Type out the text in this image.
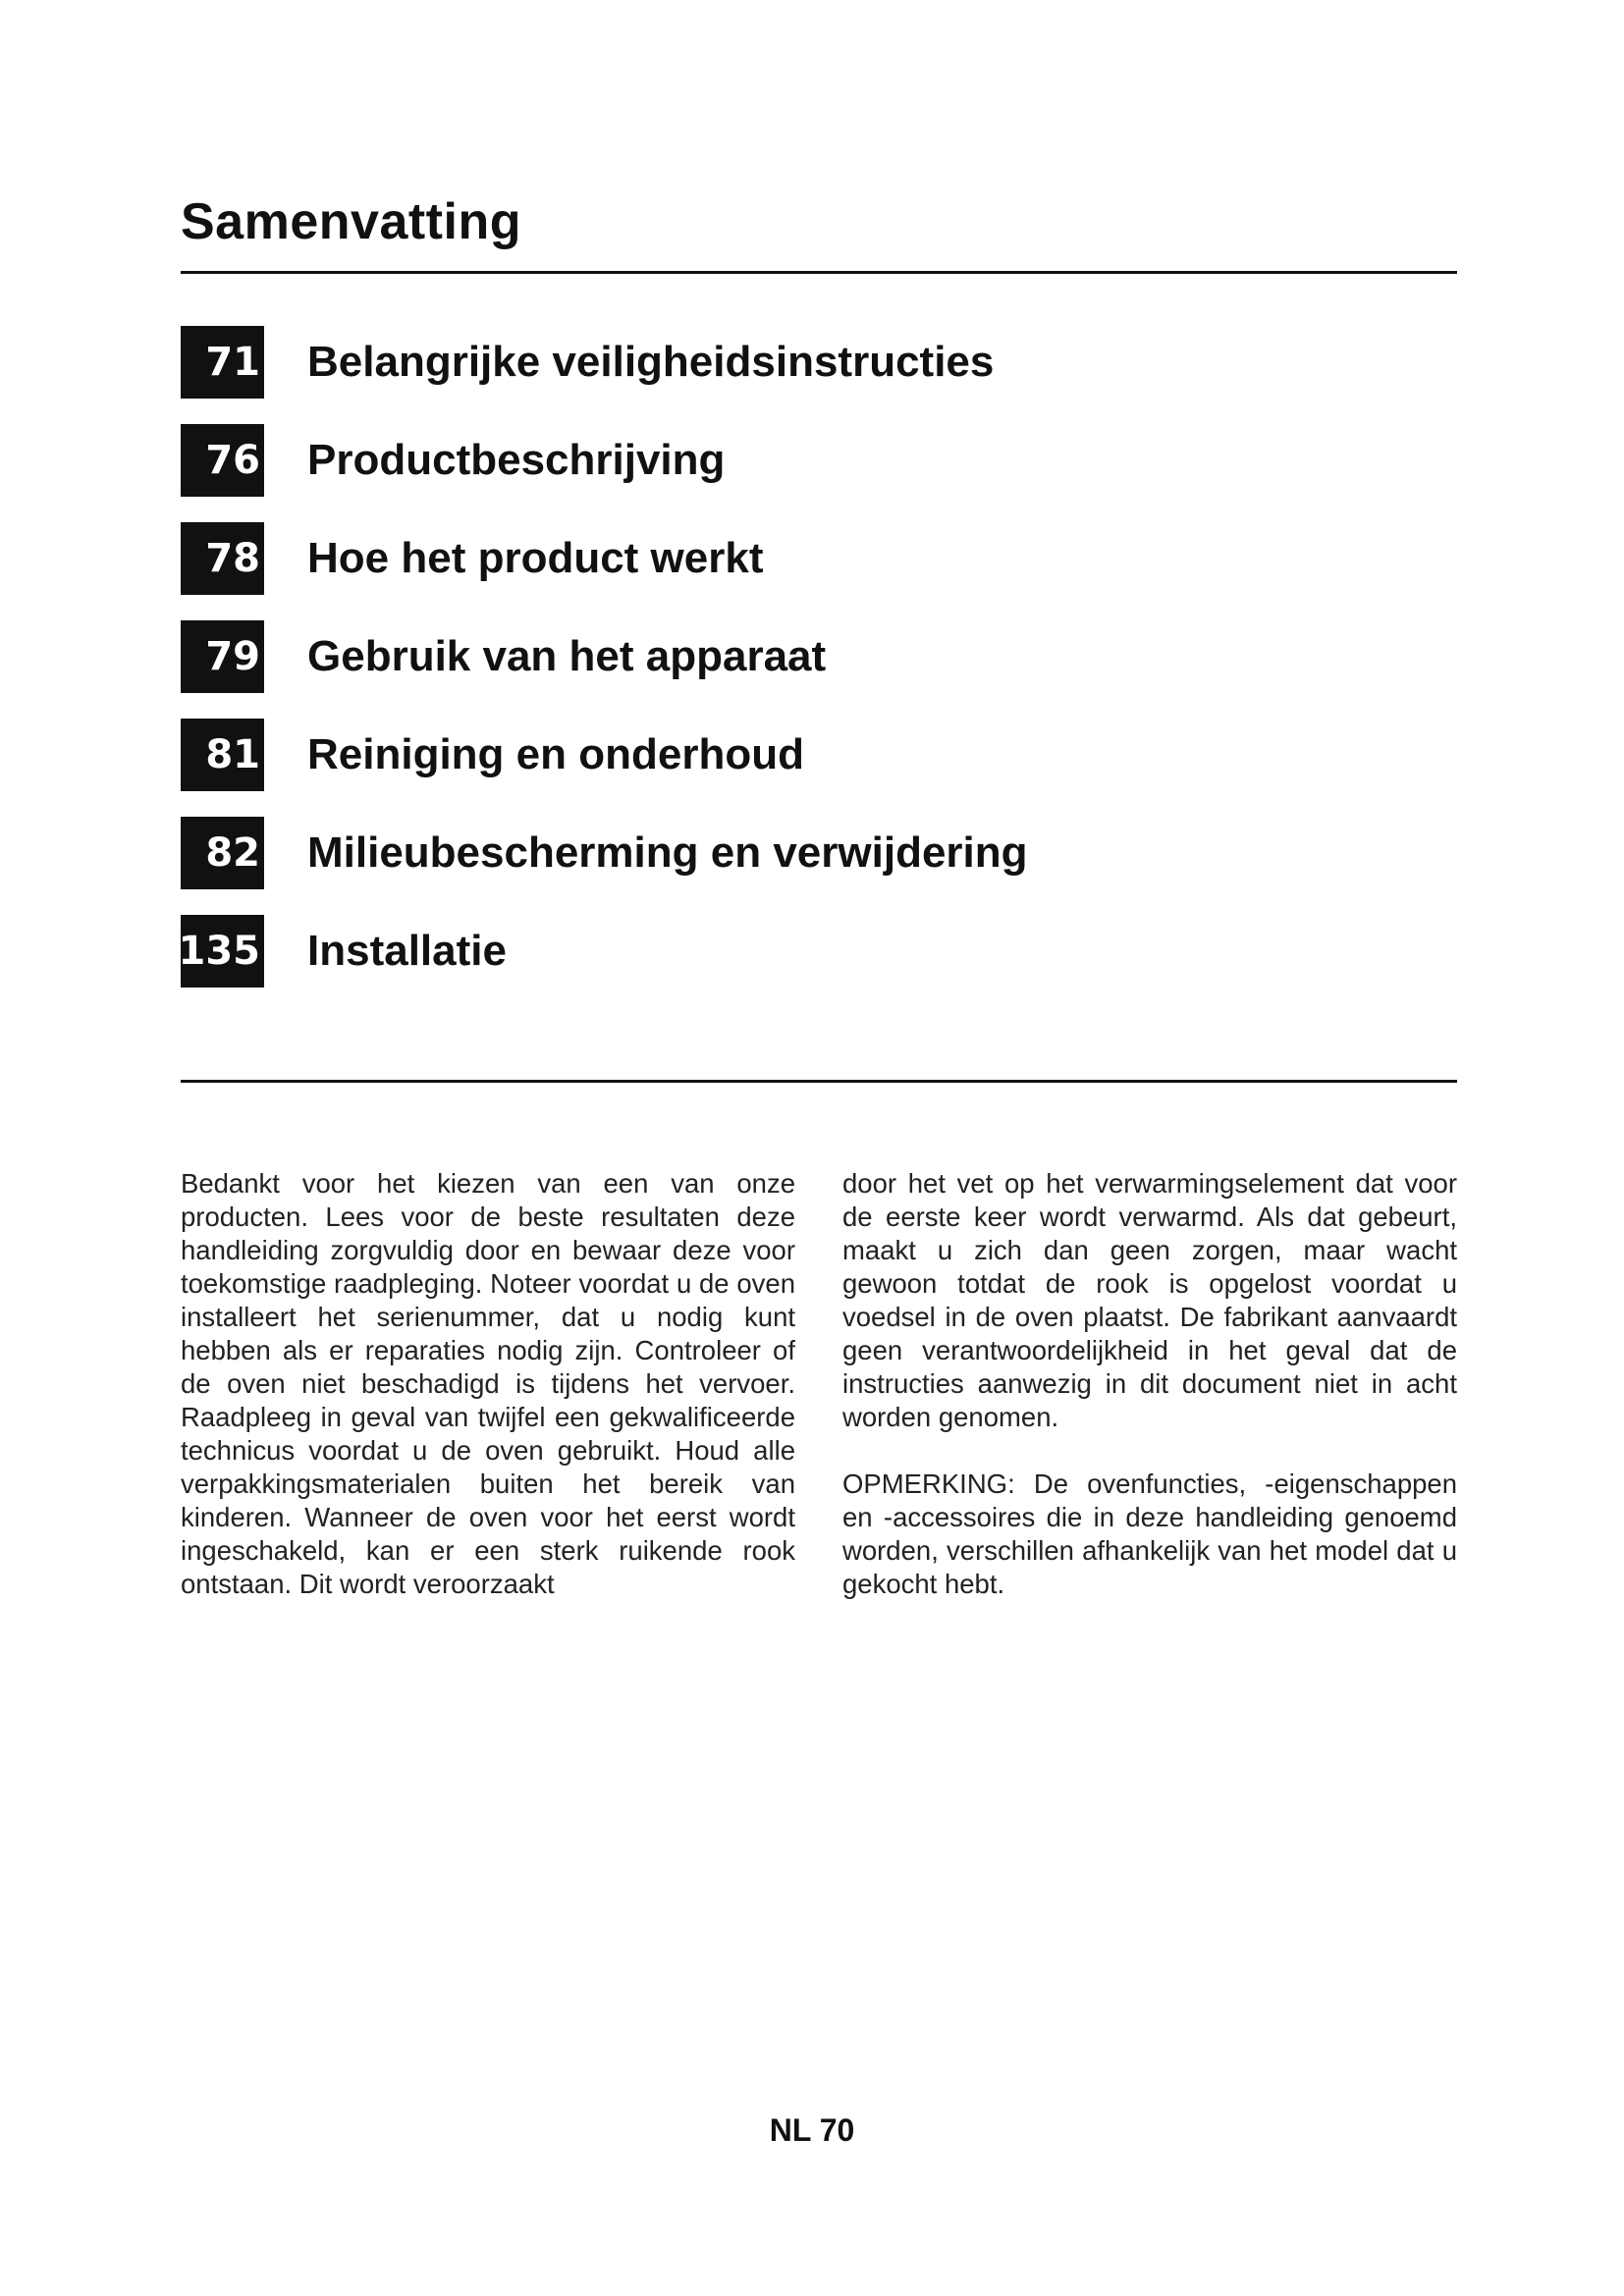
Samenvatting
71 Belangrijke veiligheidsinstructies
76 Productbeschrijving
78 Hoe het product werkt
79 Gebruik van het apparaat
81 Reiniging en onderhoud
82 Milieubescherming en verwijdering
135 Installatie

Bedankt voor het kiezen van een van onze producten. Lees voor de beste resultaten deze handleiding zorgvuldig door en bewaar deze voor toekomstige raadpleging. Noteer voordat u de oven installeert het serienummer, dat u nodig kunt hebben als er reparaties nodig zijn. Controleer of de oven niet beschadigd is tijdens het vervoer. Raadpleeg in geval van twijfel een gekwalificeerde technicus voordat u de oven gebruikt. Houd alle verpakkingsmaterialen buiten het bereik van kinderen. Wanneer de oven voor het eerst wordt ingeschakeld, kan er een sterk ruikende rook ontstaan. Dit wordt veroorzaakt

door het vet op het verwarmingselement dat voor de eerste keer wordt verwarmd. Als dat gebeurt, maakt u zich dan geen zorgen, maar wacht gewoon totdat de rook is opgelost voordat u voedsel in de oven plaatst. De fabrikant aanvaardt geen verantwoordelijkheid in het geval dat de instructies aanwezig in dit document niet in acht worden genomen.

OPMERKING: De ovenfuncties, -eigenschappen en -accessoires die in deze handleiding genoemd worden, verschillen afhankelijk van het model dat u gekocht hebt.

NL 70
